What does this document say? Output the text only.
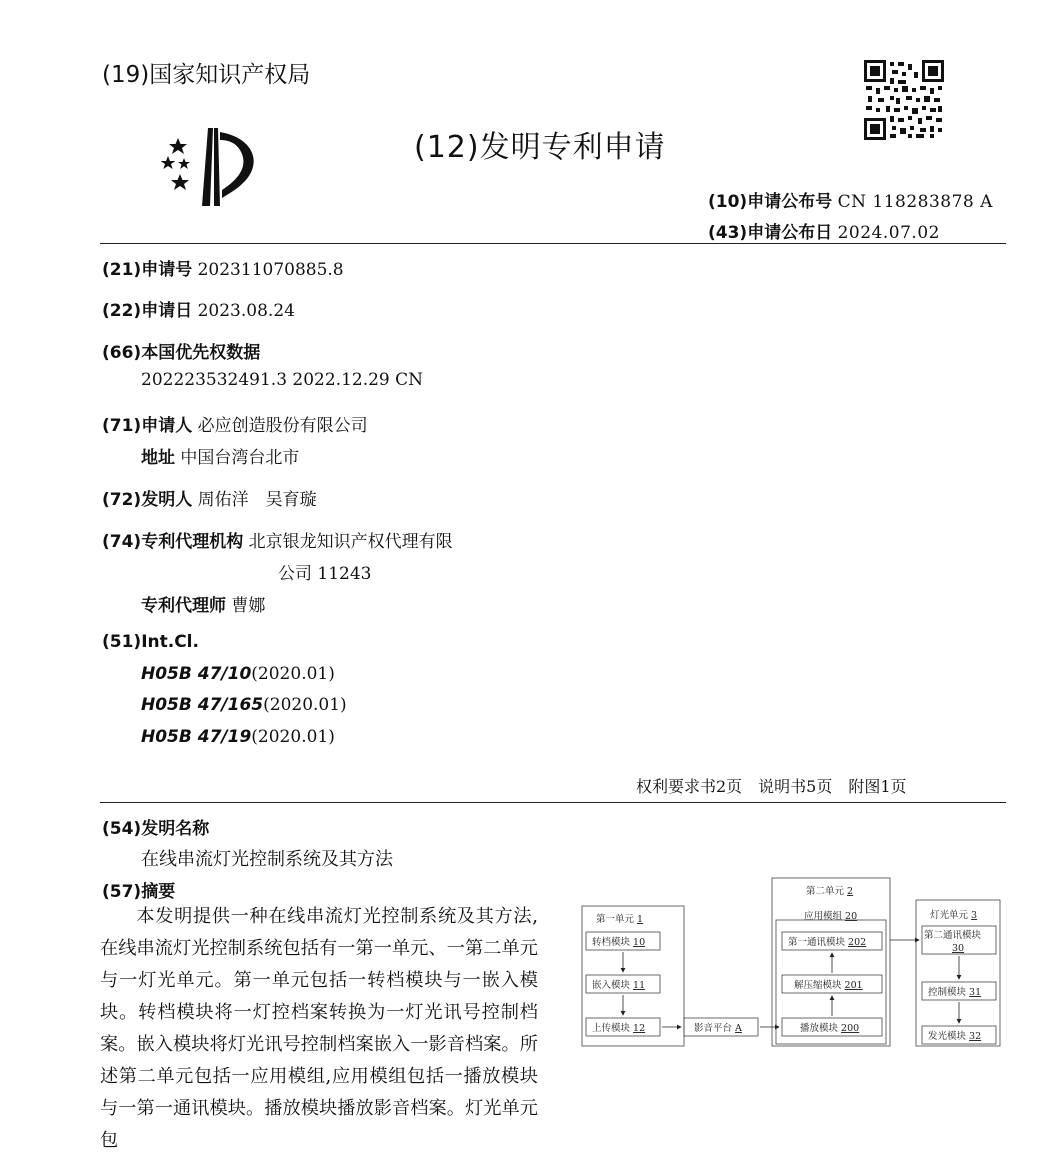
(19)国家知识产权局
(12)发明专利申请
(10)申请公布号 CN 118283878 A
(43)申请公布日 2024.07.02
(21)申请号 202311070885.8
(22)申请日 2023.08.24
(66)本国优先权数据
202223532491.3 2022.12.29 CN
(71)申请人 必应创造股份有限公司
地址 中国台湾台北市
(72)发明人 周佑洋　吴育璇
(74)专利代理机构 北京银龙知识产权代理有限
公司 11243
专利代理师 曹娜
(51)Int.Cl.
H05B 47/10(2020.01)
H05B 47/165(2020.01)
H05B 47/19(2020.01)
权利要求书2页　说明书5页　附图1页
(54)发明名称
在线串流灯光控制系统及其方法
(57)摘要
本发明提供一种在线串流灯光控制系统及其方法,在线串流灯光控制系统包括有一第一单元、一第二单元与一灯光单元。第一单元包括一转档模块与一嵌入模块。转档模块将一灯控档案转换为一灯光讯号控制档案。嵌入模块将灯光讯号控制档案嵌入一影音档案。所述第二单元包括一应用模组,应用模组包括一播放模块与一第一通讯模块。播放模块播放影音档案。灯光单元包
第一单元 1
第二单元 2
应用模组 20	灯光单元 3
转档模块 10
嵌入模块 11
上传模块 12	影音平台 A
第一通讯模块 202
解压缩模块 201
播放模块 200
第二通讯模块
30
控制模块 31
发光模块 32
